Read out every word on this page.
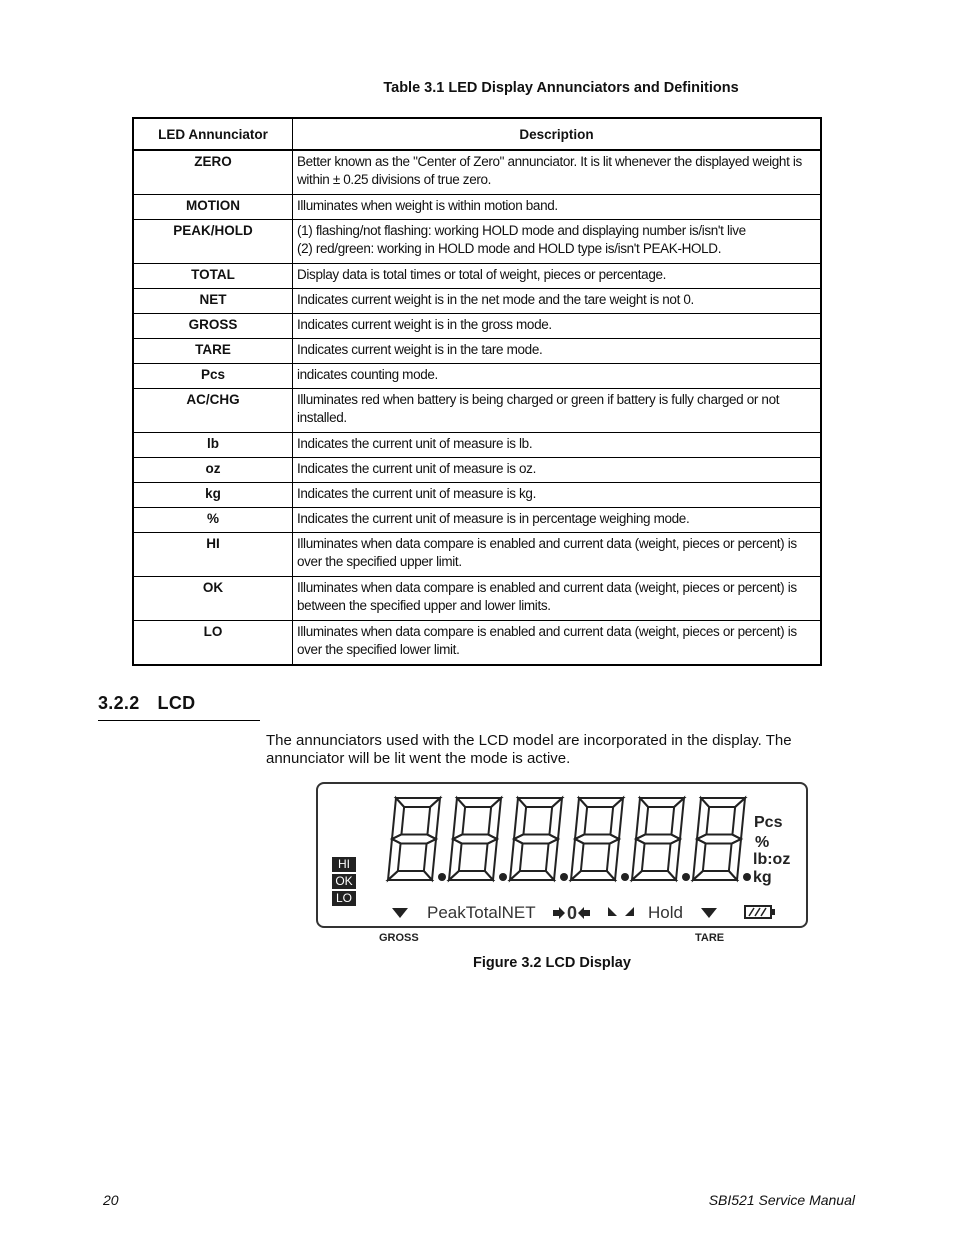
Table 3.1 LED Display Annunciators and Definitions
LED Annunciator	Description
ZERO	Better known as the "Center of Zero" annunciator. It is lit whenever the displayed weight is within ± 0.25 divisions of true zero.
MOTION	Illuminates when weight is within motion band.
PEAK/HOLD	(1) flashing/not flashing: working HOLD mode and displaying number is/isn't live
(2) red/green: working in HOLD mode and HOLD type is/isn't PEAK-HOLD.

TOTAL	Display data is total times or total of weight, pieces or percentage.
NET	Indicates current weight is in the net mode and the tare weight is not 0.
GROSS	Indicates current weight is in the gross mode.
TARE	Indicates current weight is in the tare mode.
Pcs	indicates counting mode.
AC/CHG	Illuminates red when battery is being charged or green if battery is fully charged or not installed.
lb	Indicates the current unit of measure is lb.
oz	Indicates the current unit of measure is oz.
kg	Indicates the current unit of measure is kg.
%	Indicates the current unit of measure is in percentage weighing mode.
HI	Illuminates when data compare is enabled and current data (weight, pieces or percent) is over the specified upper limit.
OK	Illuminates when data compare is enabled and current data (weight, pieces or percent) is between the specified upper and lower limits.
LO	Illuminates when data compare is enabled and current data (weight, pieces or percent) is over the specified lower limit.
3.2.2 LCD
The annunciators used with the LCD model are incorporated in the display. The annunciator will be lit went the mode is active.
Pcs
%
lb:oz
kg
HI
OK
LO
PeakTotalNET 0	Hold
GROSS	TARE
Figure 3.2 LCD Display
20	SBI521 Service Manual
